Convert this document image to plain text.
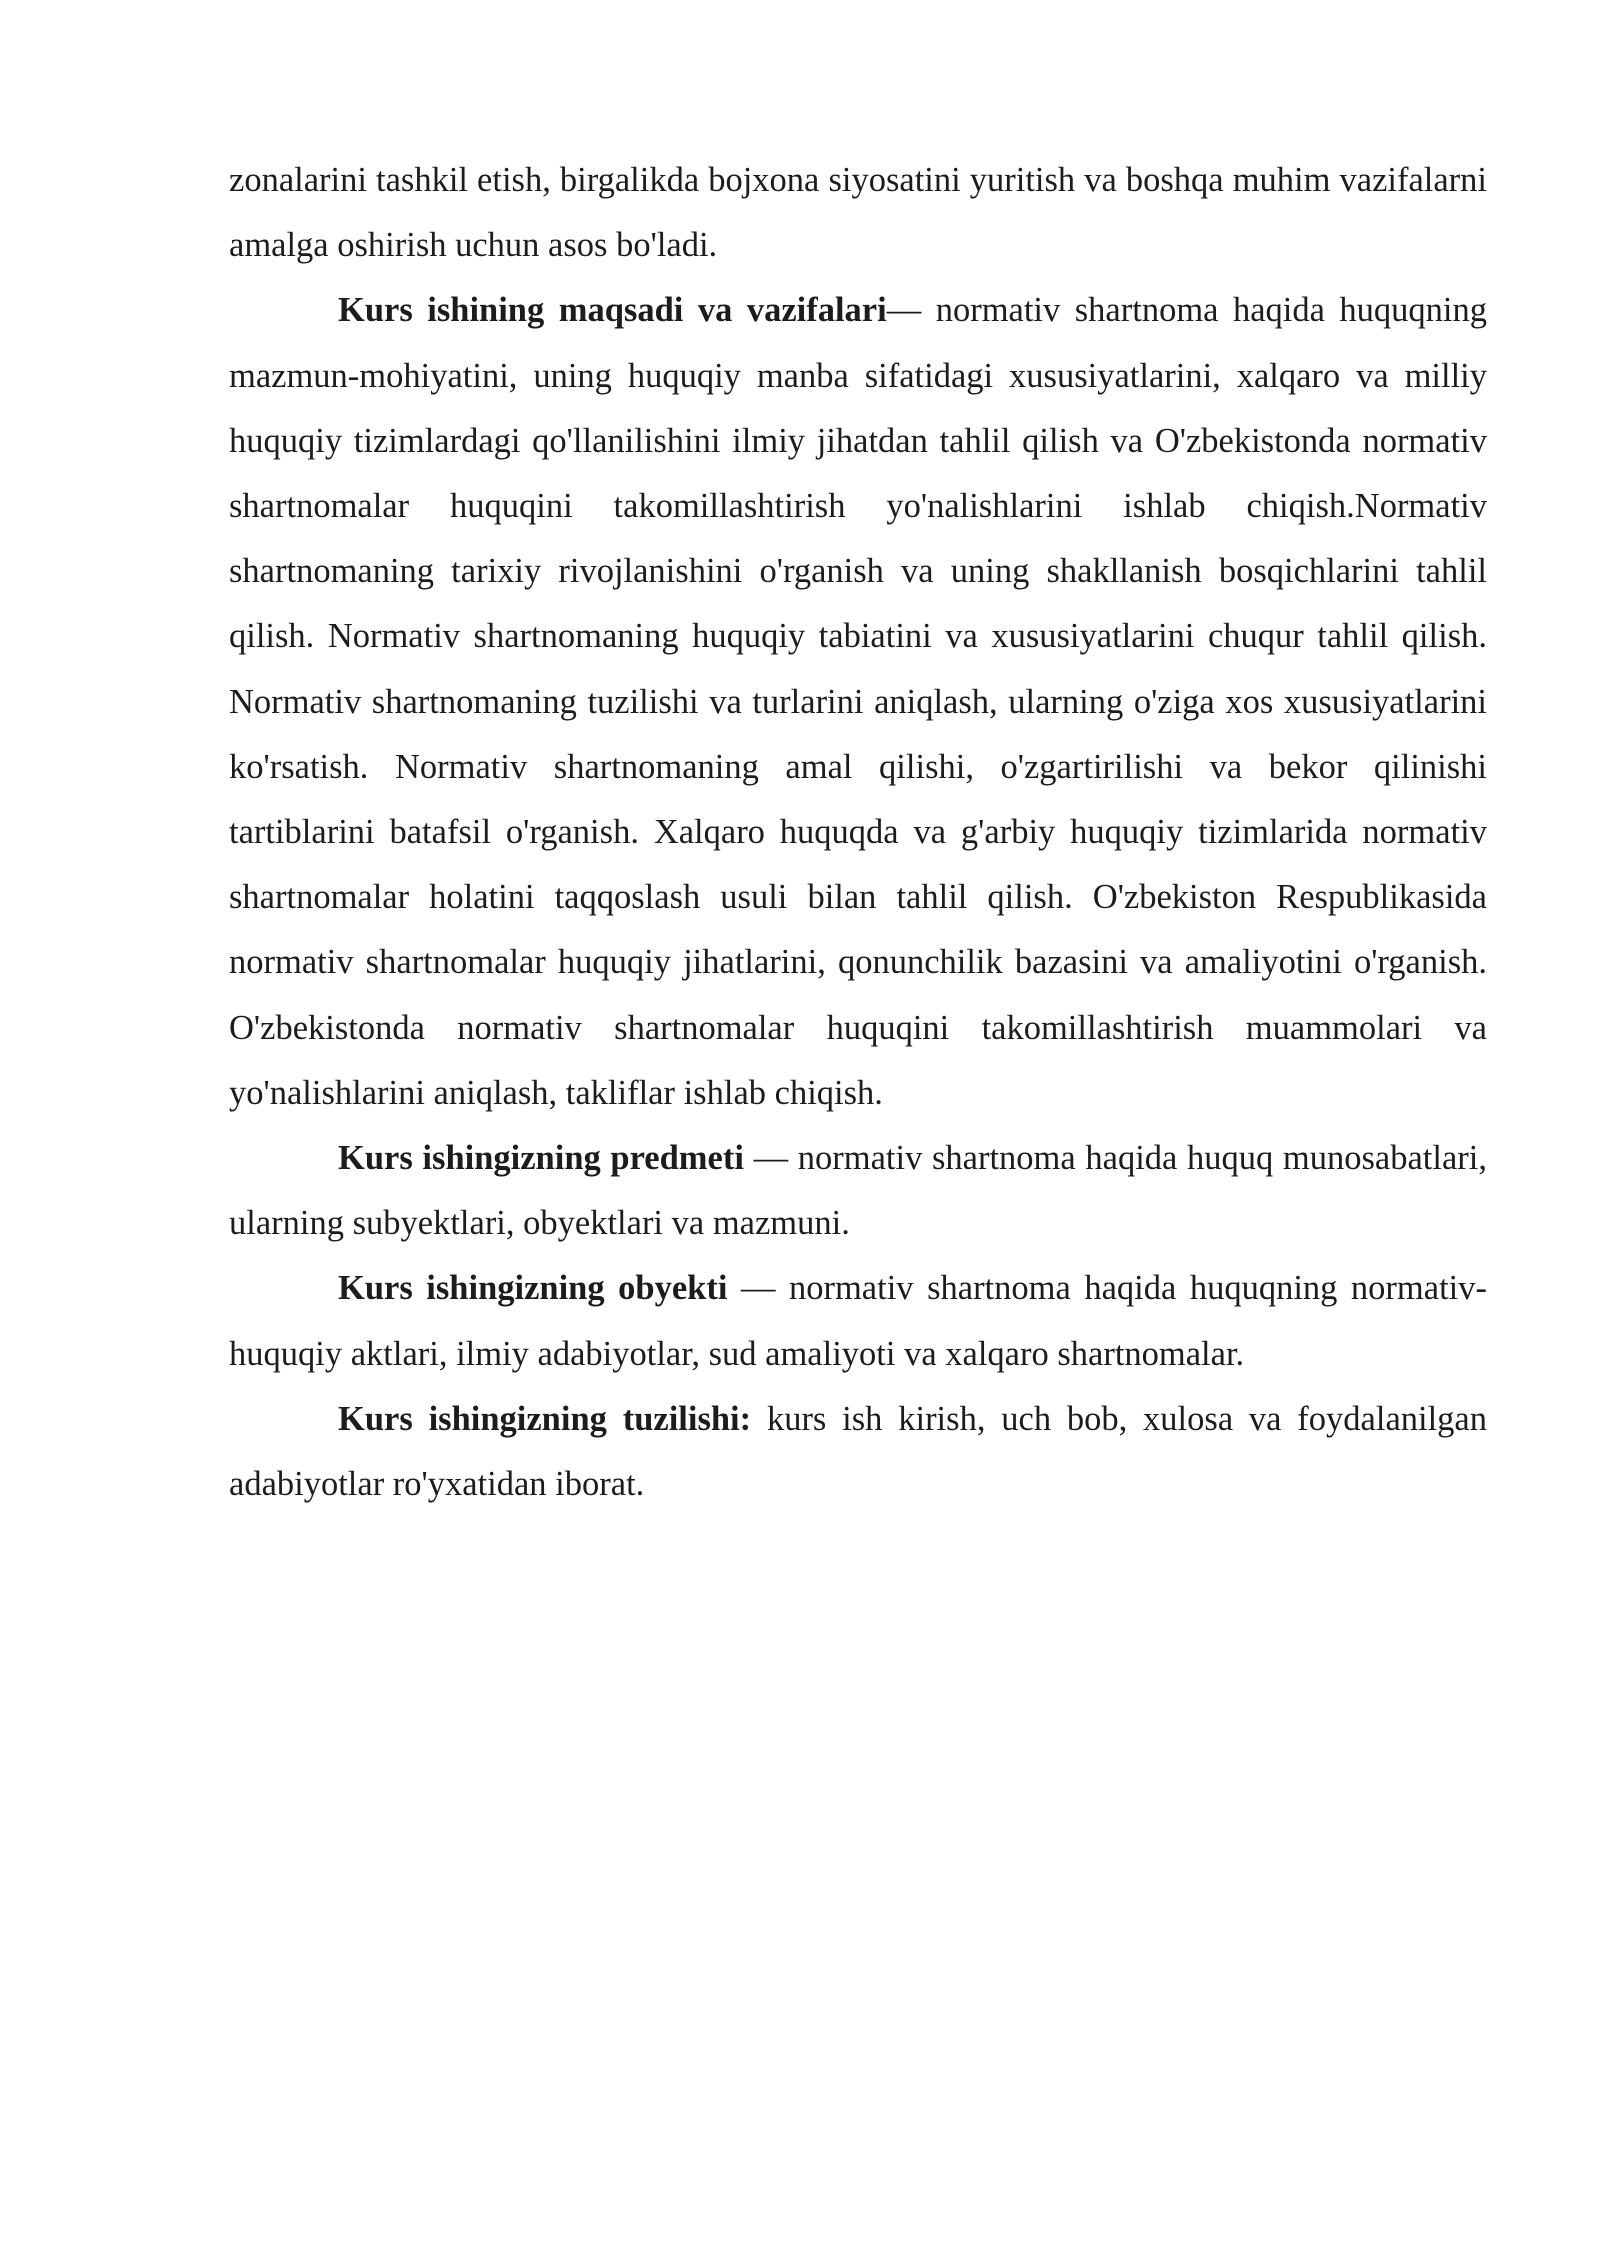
zonalarini tashkil etish, birgalikda bojxona siyosatini yuritish va boshqa muhim vazifalarni amalga oshirish uchun asos bo'ladi.

Kurs ishining maqsadi va vazifalari— normativ shartnoma haqida huquqning mazmun-mohiyatini, uning huquqiy manba sifatidagi xususiyatlarini, xalqaro va milliy huquqiy tizimlardagi qo'llanilishini ilmiy jihatdan tahlil qilish va O'zbekistonda normativ shartnomalar huquqini takomillashtirish yo'nalishlarini ishlab chiqish.Normativ shartnomaning tarixiy rivojlanishini o'rganish va uning shakllanish bosqichlarini tahlil qilish. Normativ shartnomaning huquqiy tabiatini va xususiyatlarini chuqur tahlil qilish. Normativ shartnomaning tuzilishi va turlarini aniqlash, ularning o'ziga xos xususiyatlarini ko'rsatish. Normativ shartnomaning amal qilishi, o'zgartirilishi va bekor qilinishi tartiblarini batafsil o'rganish. Xalqaro huquqda va g'arbiy huquqiy tizimlarida normativ shartnomalar holatini taqqoslash usuli bilan tahlil qilish. O'zbekiston Respublikasida normativ shartnomalar huquqiy jihatlarini, qonunchilik bazasini va amaliyotini o'rganish. O'zbekistonda normativ shartnomalar huquqini takomillashtirish muammolari va yo'nalishlarini aniqlash, takliflar ishlab chiqish.

Kurs ishingizning predmeti — normativ shartnoma haqida huquq munosabatlari, ularning subyektlari, obyektlari va mazmuni.

Kurs ishingizning obyekti — normativ shartnoma haqida huquqning normativ-huquqiy aktlari, ilmiy adabiyotlar, sud amaliyoti va xalqaro shartnomalar.

Kurs ishingizning tuzilishi: kurs ish kirish, uch bob, xulosa va foydalanilgan adabiyotlar ro'yxatidan iborat.
